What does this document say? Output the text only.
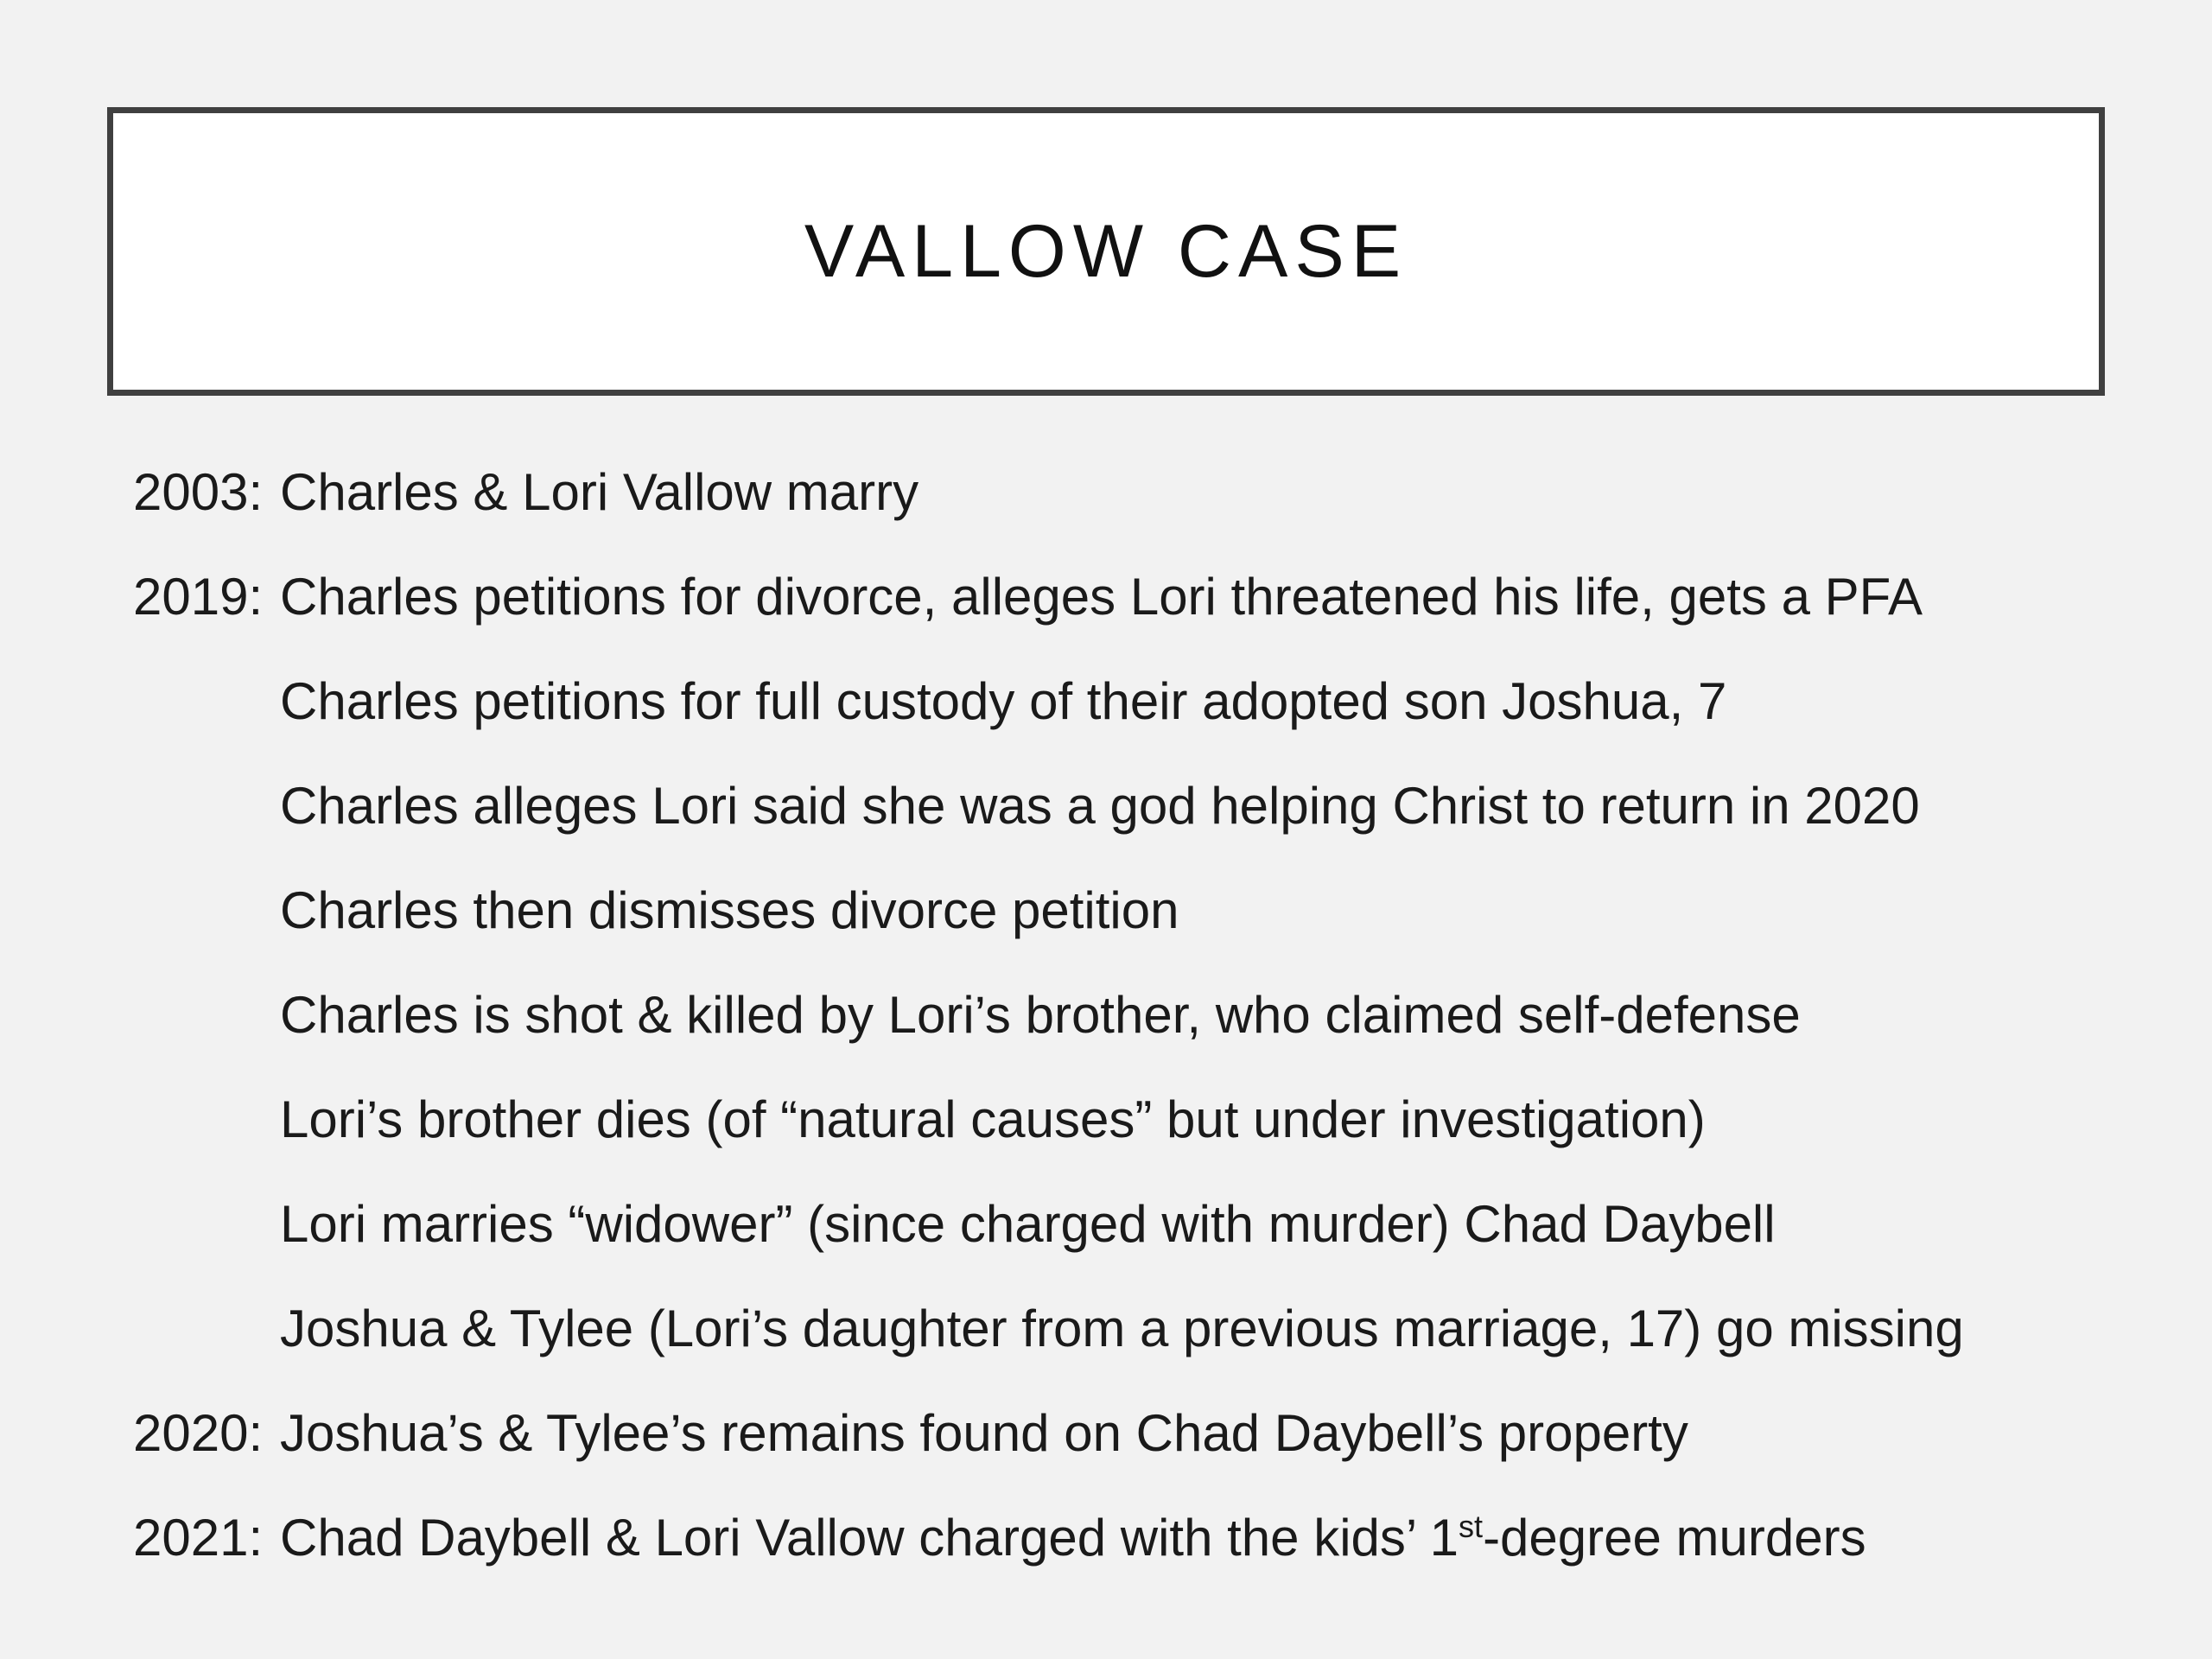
VALLOW CASE
2003: Charles & Lori Vallow marry
2019: Charles petitions for divorce, alleges Lori threatened his life, gets a PFA
Charles petitions for full custody of their adopted son Joshua, 7
Charles alleges Lori said she was a god helping Christ to return in 2020
Charles then dismisses divorce petition
Charles is shot & killed by Lori’s brother, who claimed self-defense
Lori’s brother dies (of “natural causes” but under investigation)
Lori marries “widower” (since charged with murder) Chad Daybell
Joshua & Tylee (Lori’s daughter from a previous marriage, 17) go missing
2020: Joshua’s & Tylee’s remains found on Chad Daybell’s property
2021: Chad Daybell & Lori Vallow charged with the kids’ 1st-degree murders
